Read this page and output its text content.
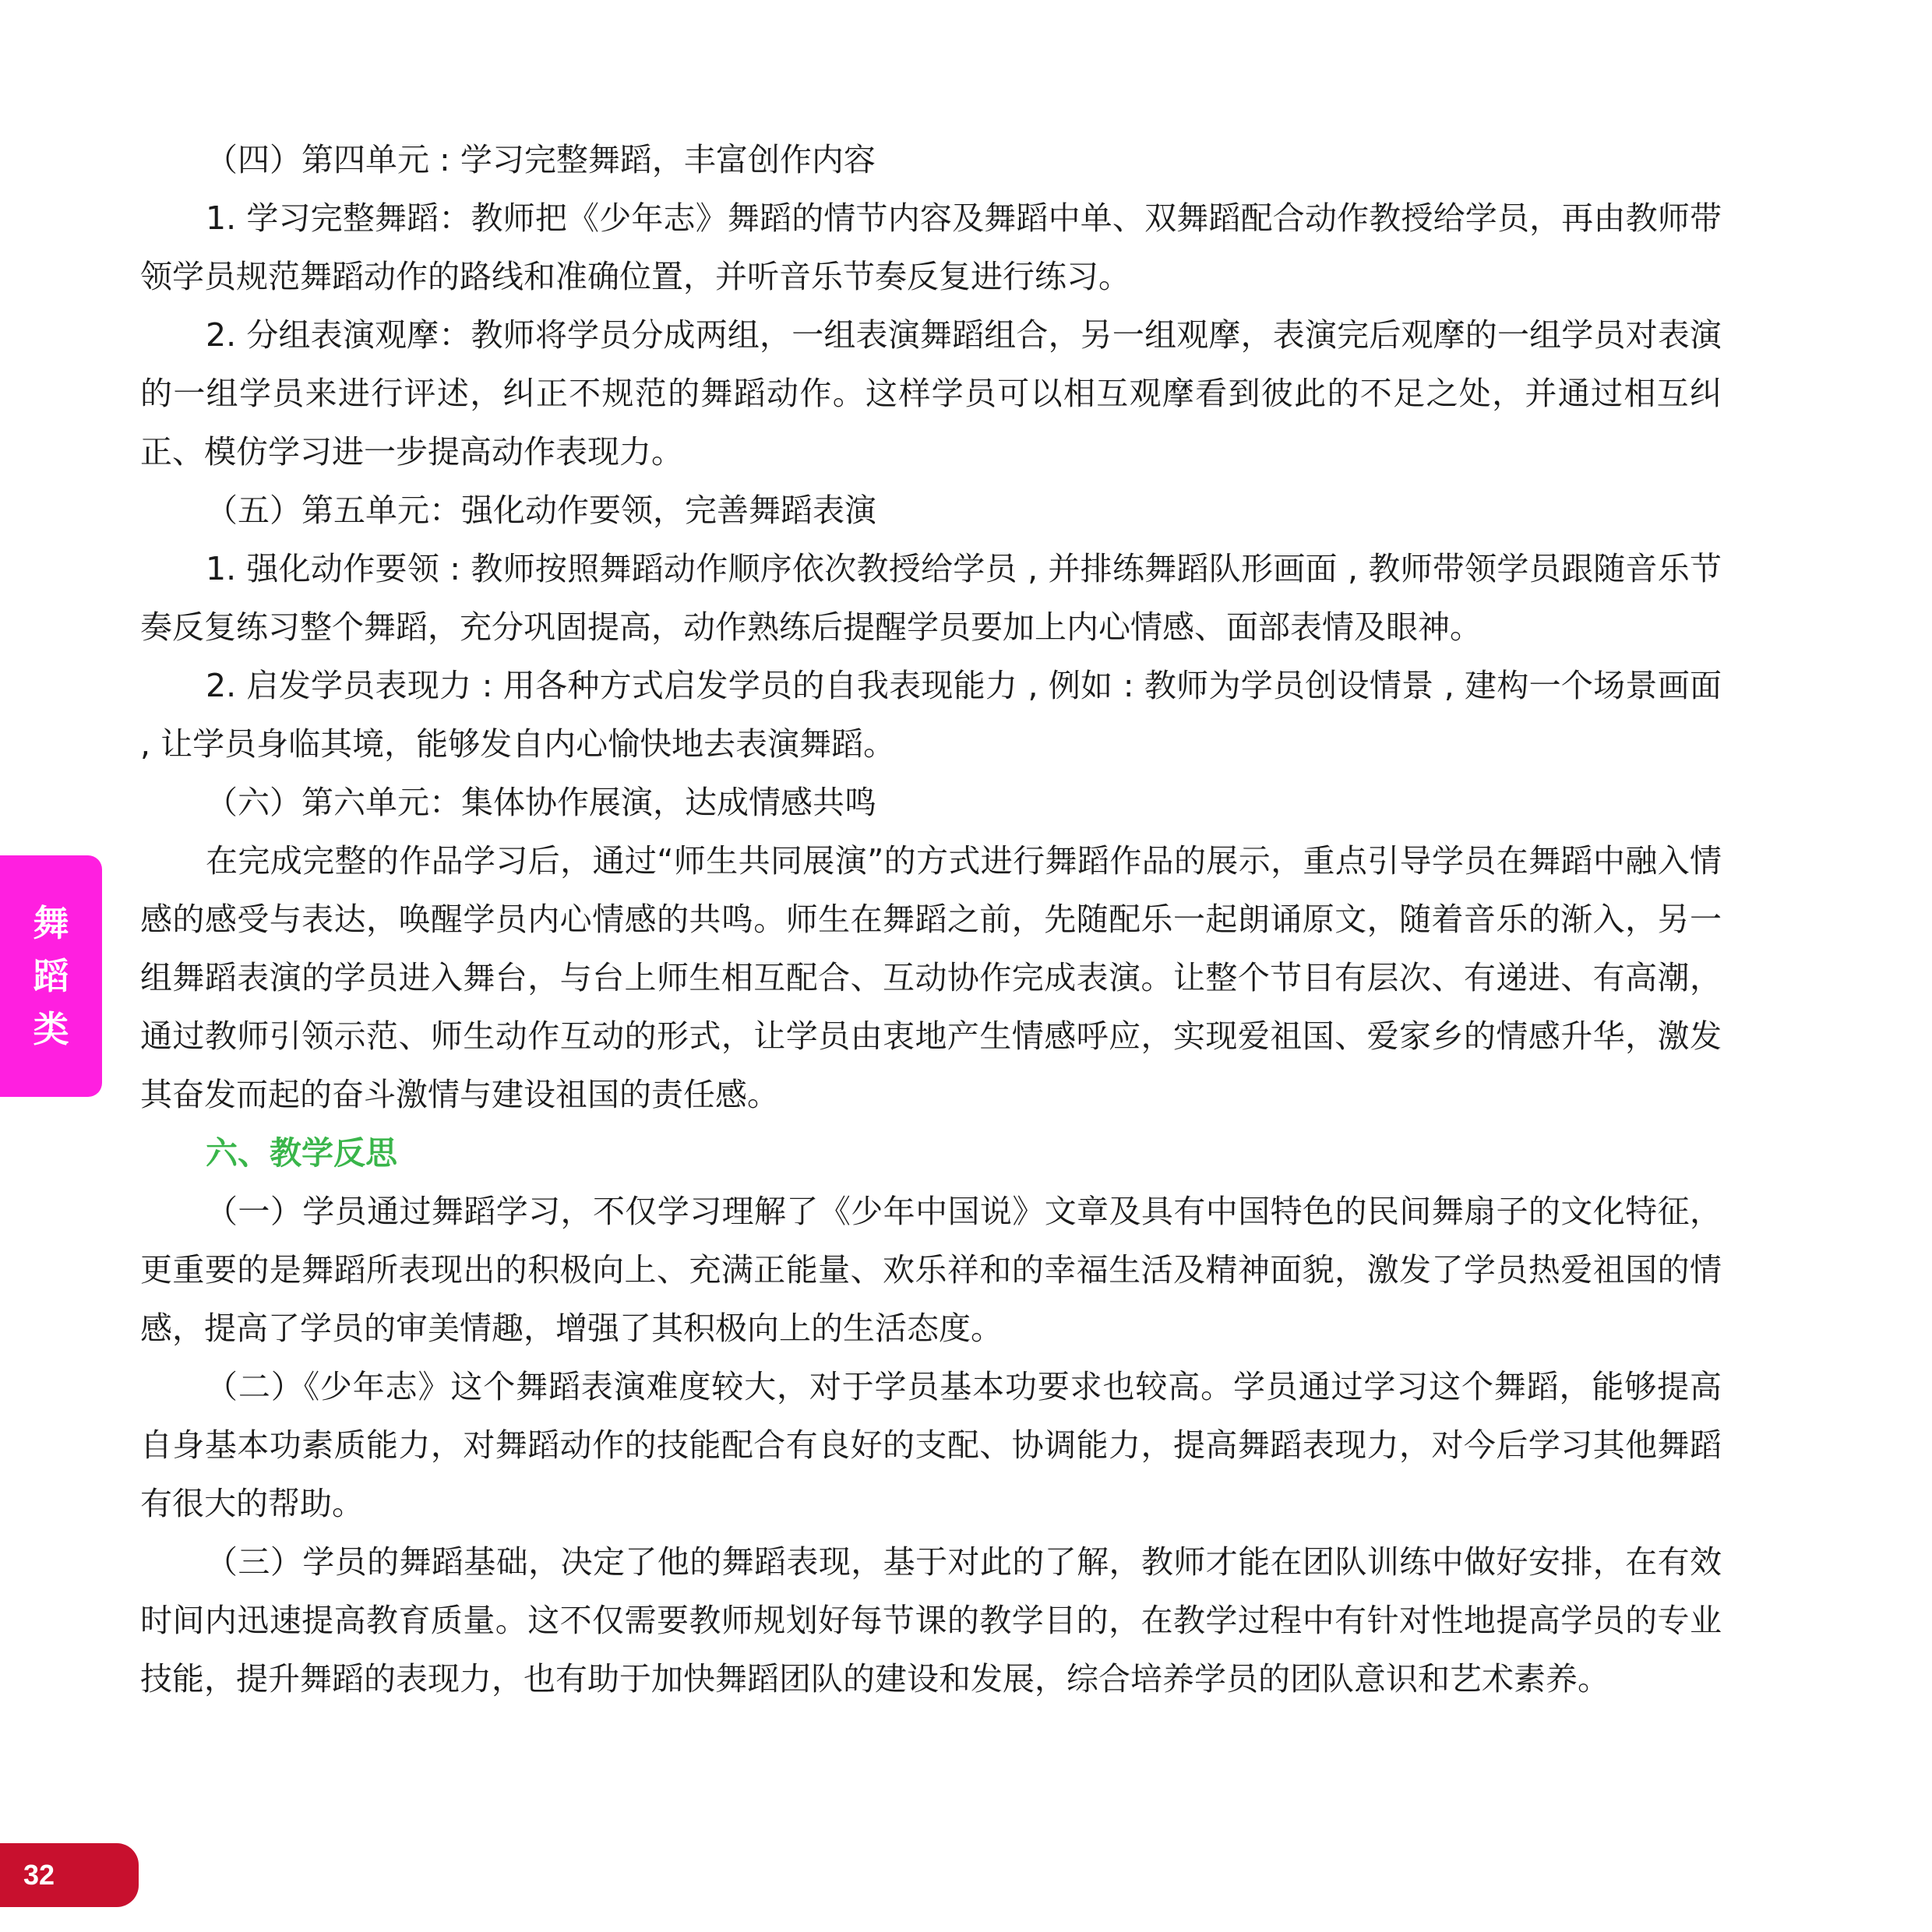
（四）第四单元 : 学习完整舞蹈，丰富创作内容

1. 学习完整舞蹈：教师把《少年志》舞蹈的情节内容及舞蹈中单、双舞蹈配合动作教授给学员，再由教师带领学员规范舞蹈动作的路线和准确位置，并听音乐节奏反复进行练习。

2. 分组表演观摩：教师将学员分成两组，一组表演舞蹈组合，另一组观摩，表演完后观摩的一组学员对表演的一组学员来进行评述，纠正不规范的舞蹈动作。这样学员可以相互观摩看到彼此的不足之处，并通过相互纠正、模仿学习进一步提高动作表现力。

（五）第五单元：强化动作要领，完善舞蹈表演

1. 强化动作要领 : 教师按照舞蹈动作顺序依次教授给学员 , 并排练舞蹈队形画面 , 教师带领学员跟随音乐节奏反复练习整个舞蹈，充分巩固提高，动作熟练后提醒学员要加上内心情感、面部表情及眼神。

2. 启发学员表现力 : 用各种方式启发学员的自我表现能力 , 例如 : 教师为学员创设情景 , 建构一个场景画面 , 让学员身临其境，能够发自内心愉快地去表演舞蹈。

（六）第六单元：集体协作展演，达成情感共鸣

在完成完整的作品学习后，通过“师生共同展演”的方式进行舞蹈作品的展示，重点引导学员在舞蹈中融入情感的感受与表达，唤醒学员内心情感的共鸣。师生在舞蹈之前，先随配乐一起朗诵原文，随着音乐的渐入，另一组舞蹈表演的学员进入舞台，与台上师生相互配合、互动协作完成表演。让整个节目有层次、有递进、有高潮，通过教师引领示范、师生动作互动的形式，让学员由衷地产生情感呼应，实现爱祖国、爱家乡的情感升华，激发其奋发而起的奋斗激情与建设祖国的责任感。

六、教学反思

（一）学员通过舞蹈学习，不仅学习理解了《少年中国说》文章及具有中国特色的民间舞扇子的文化特征，更重要的是舞蹈所表现出的积极向上、充满正能量、欢乐祥和的幸福生活及精神面貌，激发了学员热爱祖国的情感，提高了学员的审美情趣，增强了其积极向上的生活态度。

（二）《少年志》这个舞蹈表演难度较大，对于学员基本功要求也较高。学员通过学习这个舞蹈，能够提高自身基本功素质能力，对舞蹈动作的技能配合有良好的支配、协调能力，提高舞蹈表现力，对今后学习其他舞蹈有很大的帮助。

（三）学员的舞蹈基础，决定了他的舞蹈表现，基于对此的了解，教师才能在团队训练中做好安排，在有效时间内迅速提高教育质量。这不仅需要教师规划好每节课的教学目的，在教学过程中有针对性地提高学员的专业技能，提升舞蹈的表现力，也有助于加快舞蹈团队的建设和发展，综合培养学员的团队意识和艺术素养。

舞
蹈
类
32
